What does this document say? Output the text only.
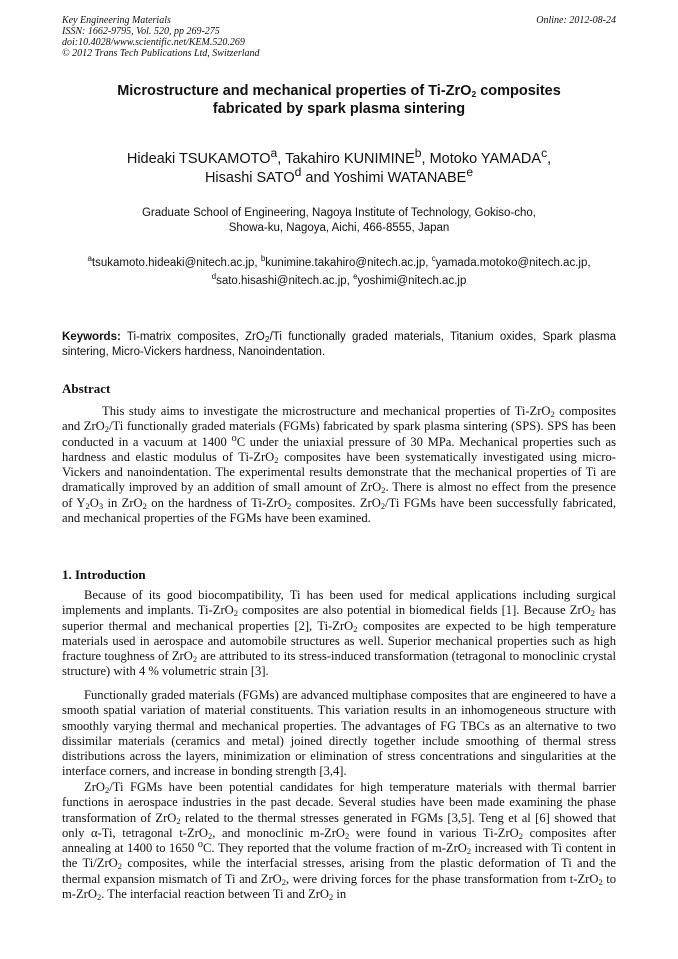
Key Engineering Materials
ISSN: 1662-9795, Vol. 520, pp 269-275
doi:10.4028/www.scientific.net/KEM.520.269
© 2012 Trans Tech Publications Ltd, Switzerland
Online: 2012-08-24
Microstructure and mechanical properties of Ti-ZrO$_2$ composites
fabricated by spark plasma sintering
Hideaki TSUKAMOTO$^a$, Takahiro KUNIMINE$^b$, Motoko YAMADA$^c$,
Hisashi SATO$^d$ and Yoshimi WATANABE$^e$
Graduate School of Engineering, Nagoya Institute of Technology, Gokiso-cho,
Showa-ku, Nagoya, Aichi, 466-8555, Japan
$^a$tsukamoto.hideaki@nitech.ac.jp, $^b$kunimine.takahiro@nitech.ac.jp, $^c$yamada.motoko@nitech.ac.jp,
$^d$sato.hisashi@nitech.ac.jp, $^e$yoshimi@nitech.ac.jp
Keywords: Ti-matrix composites, ZrO$_2$/Ti functionally graded materials, Titanium oxides, Spark plasma sintering, Micro-Vickers hardness, Nanoindentation.
Abstract

This study aims to investigate the microstructure and mechanical properties of Ti-ZrO$_2$ composites and ZrO$_2$/Ti functionally graded materials (FGMs) fabricated by spark plasma sintering (SPS). SPS has been conducted in a vacuum at 1400 $^o$C under the uniaxial pressure of 30 MPa. Mechanical properties such as hardness and elastic modulus of Ti-ZrO$_2$ composites have been systematically investigated using micro-Vickers and nanoindentation. The experimental results demonstrate that the mechanical properties of Ti are dramatically improved by an addition of small amount of ZrO$_2$. There is almost no effect from the presence of $Y_2O_3$ in ZrO$_2$ on the hardness of Ti-ZrO$_2$ composites. ZrO$_2$/Ti FGMs have been successfully fabricated, and mechanical properties of the FGMs have been examined.

1. Introduction

Because of its good biocompatibility, Ti has been used for medical applications including surgical implements and implants. Ti-ZrO$_2$ composites are also potential in biomedical fields [1]. Because ZrO$_2$ has superior thermal and mechanical properties [2], Ti-ZrO$_2$ composites are expected to be high temperature materials used in aerospace and automobile structures as well. Superior mechanical properties such as high fracture toughness of ZrO$_2$ are attributed to its stress-induced transformation (tetragonal to monoclinic crystal structure) with 4 % volumetric strain [3].

Functionally graded materials (FGMs) are advanced multiphase composites that are engineered to have a smooth spatial variation of material constituents. This variation results in an inhomogeneous structure with smoothly varying thermal and mechanical properties. The advantages of FG TBCs as an alternative to two dissimilar materials (ceramics and metal) joined directly together include smoothing of thermal stress distributions across the layers, minimization or elimination of stress concentrations and singularities at the interface corners, and increase in bonding strength [3,4].

ZrO$_2$/Ti FGMs have been potential candidates for high temperature materials with thermal barrier functions in aerospace industries in the past decade. Several studies have been made examining the phase transformation of ZrO$_2$ related to the thermal stresses generated in FGMs [3,5]. Teng et al [6] showed that only α-Ti, tetragonal t-ZrO$_2$, and monoclinic m-ZrO$_2$ were found in various Ti-ZrO$_2$ composites after annealing at 1400 to 1650 $^o$C. They reported that the volume fraction of m-ZrO$_2$ increased with Ti content in the Ti/ZrO$_2$ composites, while the interfacial stresses, arising from the plastic deformation of Ti and the thermal expansion mismatch of Ti and ZrO$_2$, were driving forces for the phase transformation from t-ZrO$_2$ to m-ZrO$_2$. The interfacial reaction between Ti and ZrO$_2$ in
